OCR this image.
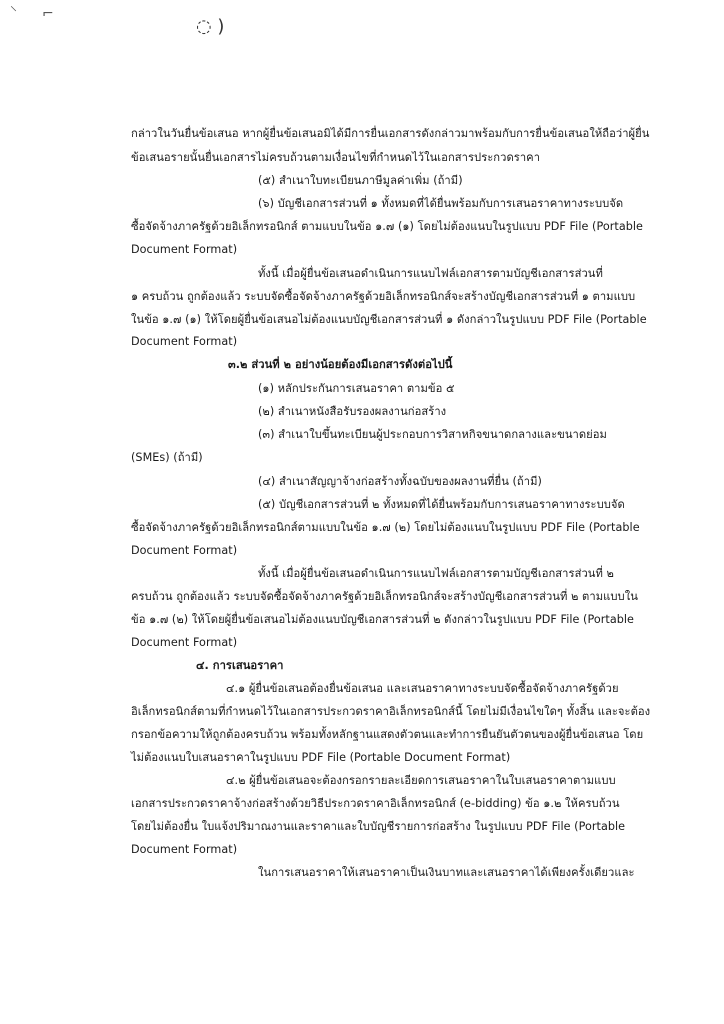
⸌ ⌐
◌ )
กล่าวในวันยื่นข้อเสนอ หากผู้ยื่นข้อเสนอมิได้มีการยื่นเอกสารดังกล่าวมาพร้อมกับการยื่นข้อเสนอให้ถือว่าผู้ยื่น
ข้อเสนอรายนั้นยื่นเอกสารไม่ครบถ้วนตามเงื่อนไขที่กำหนดไว้ในเอกสารประกวดราคา
(๕) สำเนาใบทะเบียนภาษีมูลค่าเพิ่ม (ถ้ามี)
(๖) บัญชีเอกสารส่วนที่ ๑ ทั้งหมดที่ได้ยื่นพร้อมกับการเสนอราคาทางระบบจัด
ซื้อจัดจ้างภาครัฐด้วยอิเล็กทรอนิกส์ ตามแบบในข้อ ๑.๗ (๑) โดยไม่ต้องแนบในรูปแบบ PDF File (Portable
Document Format)
ทั้งนี้ เมื่อผู้ยื่นข้อเสนอดำเนินการแนบไฟล์เอกสารตามบัญชีเอกสารส่วนที่
๑ ครบถ้วน ถูกต้องแล้ว ระบบจัดซื้อจัดจ้างภาครัฐด้วยอิเล็กทรอนิกส์จะสร้างบัญชีเอกสารส่วนที่ ๑ ตามแบบ
ในข้อ ๑.๗ (๑) ให้โดยผู้ยื่นข้อเสนอไม่ต้องแนบบัญชีเอกสารส่วนที่ ๑ ดังกล่าวในรูปแบบ PDF File (Portable
Document Format)
๓.๒ ส่วนที่ ๒ อย่างน้อยต้องมีเอกสารดังต่อไปนี้
(๑) หลักประกันการเสนอราคา ตามข้อ ๕
(๒) สำเนาหนังสือรับรองผลงานก่อสร้าง
(๓) สำเนาใบขึ้นทะเบียนผู้ประกอบการวิสาหกิจขนาดกลางและขนาดย่อม
(SMEs) (ถ้ามี)
(๔) สำเนาสัญญาจ้างก่อสร้างทั้งฉบับของผลงานที่ยื่น (ถ้ามี)
(๕) บัญชีเอกสารส่วนที่ ๒ ทั้งหมดที่ได้ยื่นพร้อมกับการเสนอราคาทางระบบจัด
ซื้อจัดจ้างภาครัฐด้วยอิเล็กทรอนิกส์ตามแบบในข้อ ๑.๗ (๒) โดยไม่ต้องแนบในรูปแบบ PDF File (Portable
Document Format)
ทั้งนี้ เมื่อผู้ยื่นข้อเสนอดำเนินการแนบไฟล์เอกสารตามบัญชีเอกสารส่วนที่ ๒
ครบถ้วน ถูกต้องแล้ว ระบบจัดซื้อจัดจ้างภาครัฐด้วยอิเล็กทรอนิกส์จะสร้างบัญชีเอกสารส่วนที่ ๒ ตามแบบใน
ข้อ ๑.๗ (๒) ให้โดยผู้ยื่นข้อเสนอไม่ต้องแนบบัญชีเอกสารส่วนที่ ๒ ดังกล่าวในรูปแบบ PDF File (Portable
Document Format)
๔. การเสนอราคา
๔.๑ ผู้ยื่นข้อเสนอต้องยื่นข้อเสนอ และเสนอราคาทางระบบจัดซื้อจัดจ้างภาครัฐด้วย
อิเล็กทรอนิกส์ตามที่กำหนดไว้ในเอกสารประกวดราคาอิเล็กทรอนิกส์นี้ โดยไม่มีเงื่อนไขใดๆ ทั้งสิ้น และจะต้อง
กรอกข้อความให้ถูกต้องครบถ้วน พร้อมทั้งหลักฐานแสดงตัวตนและทำการยืนยันตัวตนของผู้ยื่นข้อเสนอ โดย
ไม่ต้องแนบใบเสนอราคาในรูปแบบ PDF File (Portable Document Format)
๔.๒ ผู้ยื่นข้อเสนอจะต้องกรอกรายละเอียดการเสนอราคาในใบเสนอราคาตามแบบ
เอกสารประกวดราคาจ้างก่อสร้างด้วยวิธีประกวดราคาอิเล็กทรอนิกส์ (e-bidding) ข้อ ๑.๒ ให้ครบถ้วน
โดยไม่ต้องยื่น ใบแจ้งปริมาณงานและราคาและใบบัญชีรายการก่อสร้าง ในรูปแบบ PDF File (Portable
Document Format)
ในการเสนอราคาให้เสนอราคาเป็นเงินบาทและเสนอราคาได้เพียงครั้งเดียวและ
